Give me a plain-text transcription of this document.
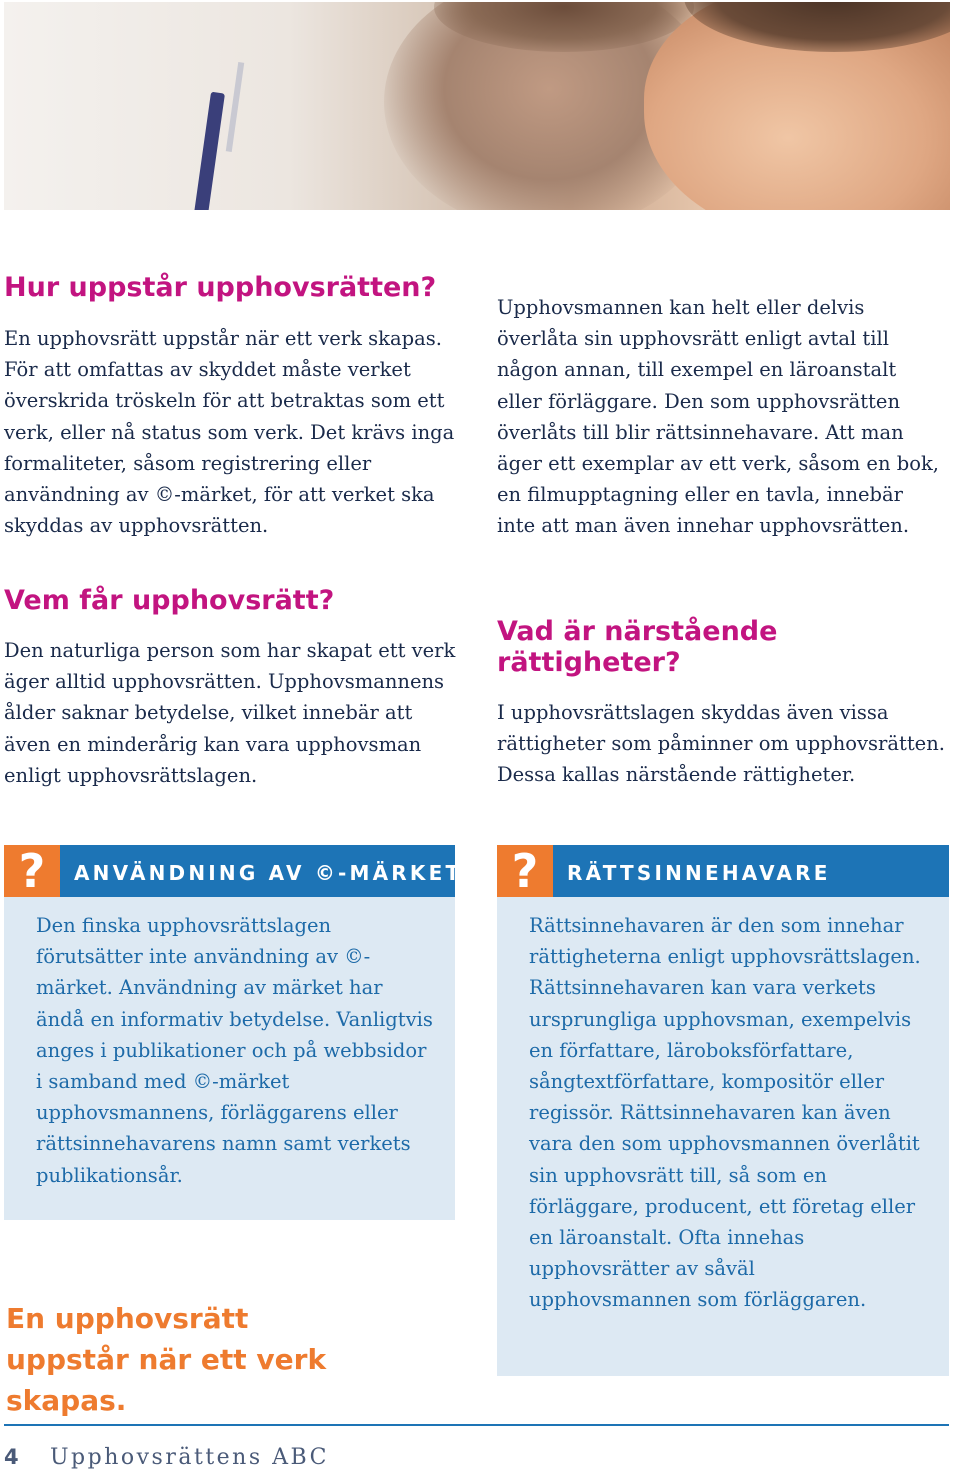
Hur uppstår upphovsrätten?

En upphovsrätt uppstår när ett verk skapas. För att omfattas av skyddet måste verket överskrida tröskeln för att betraktas som ett verk, eller nå status som verk. Det krävs inga formaliteter, såsom registrering eller användning av ©-märket, för att verket ska skyddas av upphovsrätten.

Vem får upphovsrätt?

Den naturliga person som har skapat ett verk äger alltid upphovsrätten. Upphovsmannens ålder saknar betydelse, vilket innebär att även en minderårig kan vara upphovsman enligt upphovsrättslagen.

Upphovsmannen kan helt eller delvis överlåta sin upphovsrätt enligt avtal till någon annan, till exempel en läroanstalt eller förläggare. Den som upphovsrätten överlåts till blir rättsinnehavare. Att man äger ett exemplar av ett verk, såsom en bok, en filmupptagning eller en tavla, innebär inte att man även innehar upphovsrätten.

Vad är närstående rättigheter?

I upphovsrättslagen skyddas även vissa rättigheter som påminner om upphovsrätten. Dessa kallas närstående rättigheter.

?	ANVÄNDNING AV ©-MÄRKET

Den finska upphovsrättslagen förutsätter inte användning av ©-märket. Användning av märket har ändå en informativ betydelse. Vanligtvis anges i publikationer och på webbsidor i samband med ©-märket upphovsmannens, förläggarens eller rättsinnehavarens namn samt verkets publikationsår.

?	RÄTTSINNEHAVARE

Rättsinnehavaren är den som innehar rättigheterna enligt upphovsrättslagen. Rättsinnehavaren kan vara verkets ursprungliga upphovsman, exempelvis en författare, läroboksförfattare, sångtextförfattare, kompositör eller regissör. Rättsinnehavaren kan även vara den som upphovsmannen överlåtit sin upphovsrätt till, så som en förläggare, producent, ett företag eller en läroanstalt. Ofta innehas upphovsrätter av såväl upphovsmannen som förläggaren.

En upphovsrätt uppstår när ett verk skapas.

4 Upphovsrättens ABC
